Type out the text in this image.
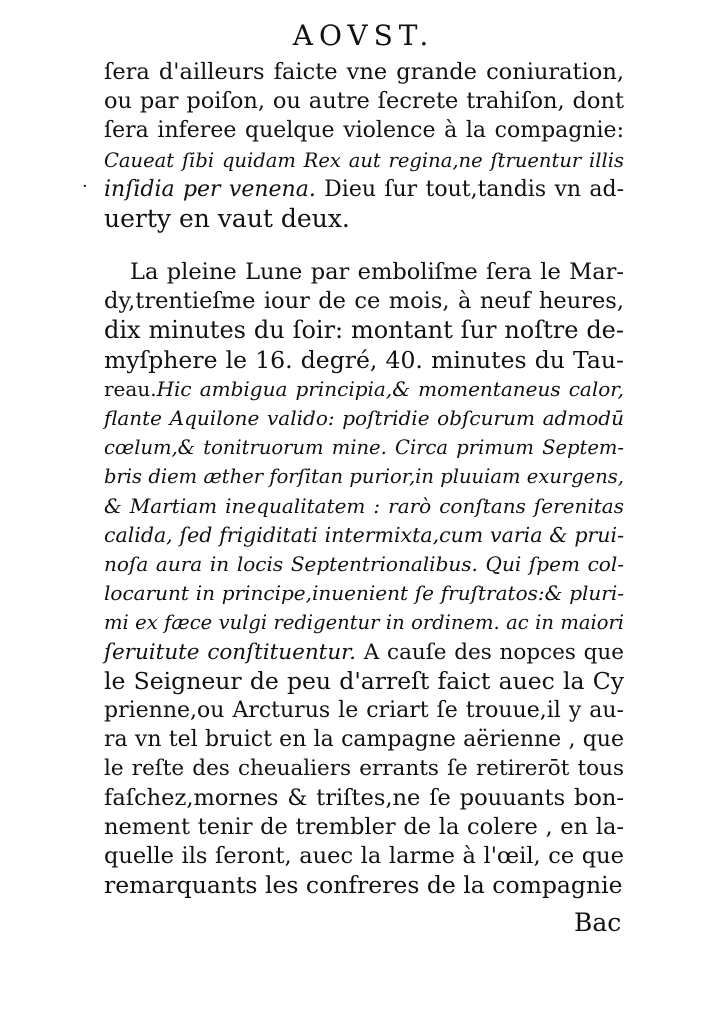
AOVST.
·
ſera d'ailleurs faicte vne grande coniuration,
ou par poiſon, ou autre ſecrete trahiſon, dont
ſera inferee quelque violence à la compagnie:
Caueat ſibi quidam Rex aut regina,ne ſtruentur illis
inſidia per venena. Dieu ſur tout,tandis vn ad-
uerty en vaut deux.
La pleine Lune par emboliſme ſera le Mar-
dy,trentieſme iour de ce mois, à neuf heures,
dix minutes du ſoir: montant ſur noſtre de-
myſphere le 16. degré, 40. minutes du Tau-
reau.Hic ambigua principia,& momentaneus calor,
flante Aquilone valido: poſtridie obſcurum admodū
cœlum,& tonitruorum mine. Circa primum Septem-
bris diem æther forſitan purior,in pluuiam exurgens,
& Martiam inequalitatem : rarò conſtans ſerenitas
calida, ſed frigiditati intermixta,cum varia & prui-
noſa aura in locis Septentrionalibus. Qui ſpem col-
locarunt in principe,inuenient ſe fruſtratos:& pluri-
mi ex fæce vulgi redigentur in ordinem. ac in maiori
ſeruitute conſtituentur. A cauſe des nopces que
le Seigneur de peu d'arreſt faict auec la Cy
prienne,ou Arcturus le criart ſe trouue,il y au-
ra vn tel bruict en la campagne aërienne , que
le reſte des cheualiers errants ſe retirerōt tous
faſchez,mornes & triſtes,ne ſe pouuants bon-
nement tenir de trembler de la colere , en la-
quelle ils ſeront, auec la larme à l'œil, ce que
remarquants les confreres de la compagnie
Bac
